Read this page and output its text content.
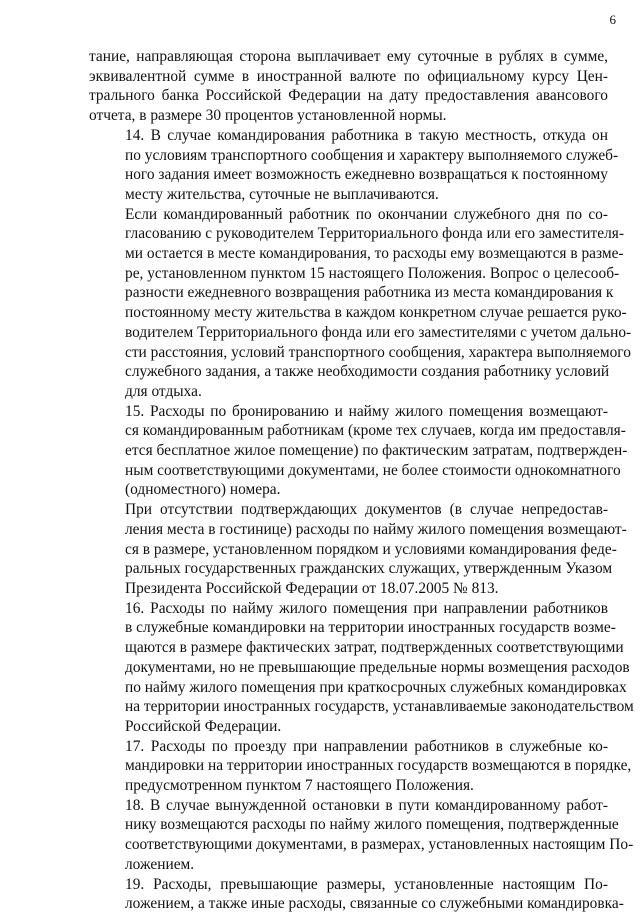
6

тание, направляющая сторона выплачивает ему суточные в рублях в сумме,
эквивалентной сумме в иностранной валюте по официальному курсу Цен-
трального банка Российской Федерации на дату предоставления авансового
отчета, в размере 30 процентов установленной нормы.

14. В случае командирования работника в такую местность, откуда он
по условиям транспортного сообщения и характеру выполняемого служеб-
ного задания имеет возможность ежедневно возвращаться к постоянному
месту жительства, суточные не выплачиваются.

Если командированный работник по окончании служебного дня по со-
гласованию с руководителем Территориального фонда или его заместителя-
ми остается в месте командирования, то расходы ему возмещаются в разме-
ре, установленном пунктом 15 настоящего Положения. Вопрос о целесооб-
разности ежедневного возвращения работника из места командирования к
постоянному месту жительства в каждом конкретном случае решается руко-
водителем Территориального фонда или его заместителями с учетом дально-
сти расстояния, условий транспортного сообщения, характера выполняемого
служебного задания, а также необходимости создания работнику условий
для отдыха.

15. Расходы по бронированию и найму жилого помещения возмещают-
ся командированным работникам (кроме тех случаев, когда им предоставля-
ется бесплатное жилое помещение) по фактическим затратам, подтвержден-
ным соответствующими документами, не более стоимости однокомнатного
(одноместного) номера.

При отсутствии подтверждающих документов (в случае непредостав-
ления места в гостинице) расходы по найму жилого помещения возмещают-
ся в размере, установленном порядком и условиями командирования феде-
ральных государственных гражданских служащих, утвержденным Указом
Президента Российской Федерации от 18.07.2005 № 813.

16. Расходы по найму жилого помещения при направлении работников
в служебные командировки на территории иностранных государств возме-
щаются в размере фактических затрат, подтвержденных соответствующими
документами, но не превышающие предельные нормы возмещения расходов
по найму жилого помещения при краткосрочных служебных командировках
на территории иностранных государств, устанавливаемые законодательством
Российской Федерации.

17. Расходы по проезду при направлении работников в служебные ко-
мандировки на территории иностранных государств возмещаются в порядке,
предусмотренном пунктом 7 настоящего Положения.

18. В случае вынужденной остановки в пути командированному работ-
нику возмещаются расходы по найму жилого помещения, подтвержденные
соответствующими документами, в размерах, установленных настоящим По-
ложением.

19. Расходы, превышающие размеры, установленные настоящим По-
ложением, а также иные расходы, связанные со служебными командировка-
